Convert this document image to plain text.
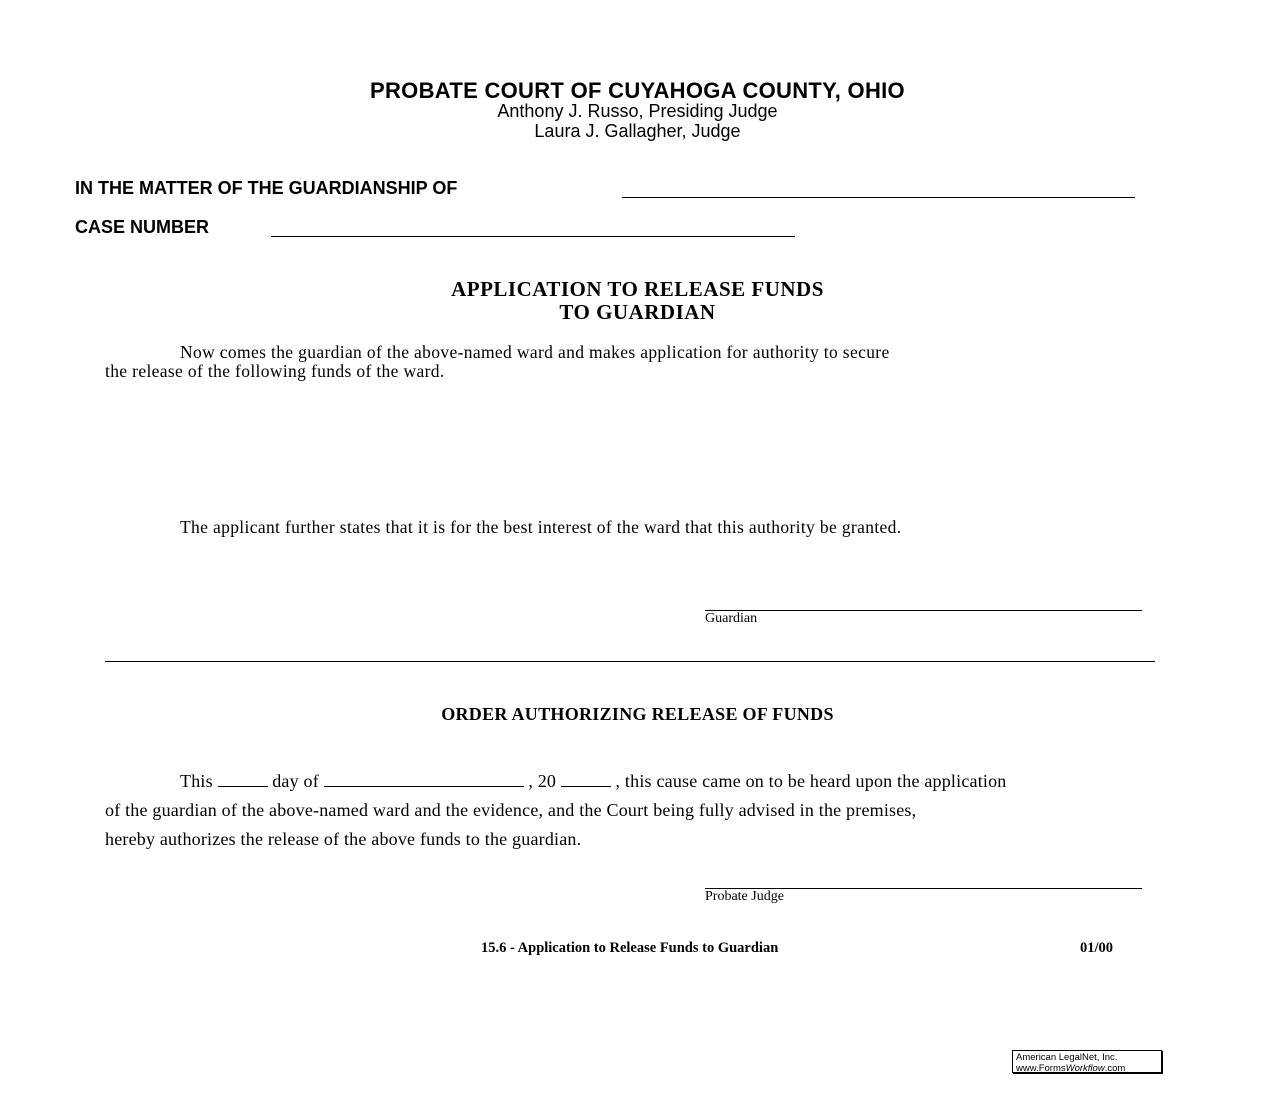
PROBATE COURT OF CUYAHOGA COUNTY, OHIO
Anthony J. Russo, Presiding Judge
Laura J. Gallagher, Judge
IN THE MATTER OF THE GUARDIANSHIP OF
CASE NUMBER
APPLICATION TO RELEASE FUNDS
TO GUARDIAN
Now comes the guardian of the above-named ward and makes application for authority to secure
the release of the following funds of the ward.
The applicant further states that it is for the best interest of the ward that this authority be granted.
Guardian
ORDER AUTHORIZING RELEASE OF FUNDS
This	day of	, 20	, this cause came on to be heard upon the application
of the guardian of the above-named ward and the evidence, and the Court being fully advised in the premises,
hereby authorizes the release of the above funds to the guardian.
Probate Judge
15.6 - Application to Release Funds to Guardian	01/00
American LegalNet, Inc.
www.FormsWorkflow.com
